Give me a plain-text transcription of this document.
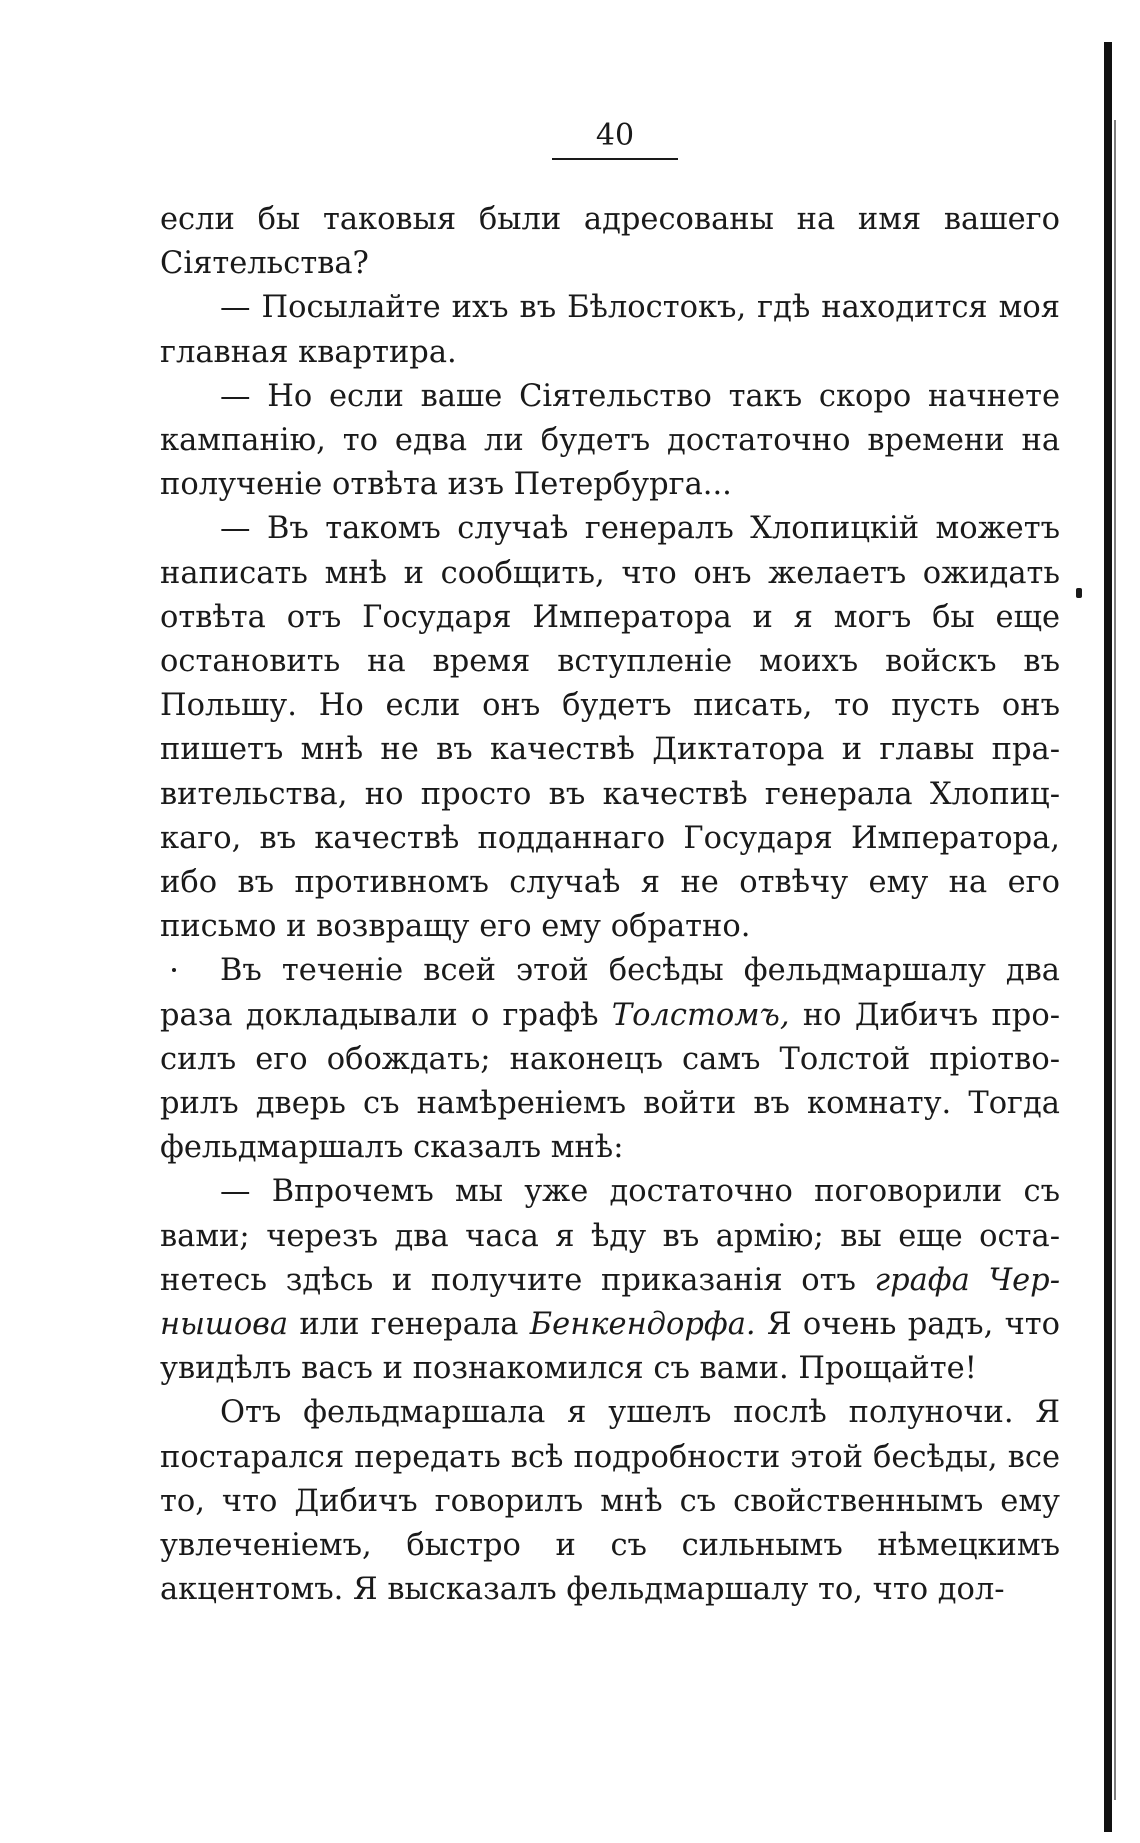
40

если бы таковыя были адресованы на имя вашего Сіятельства?

— Посылайте ихъ въ Бѣлостокъ, гдѣ находится моя главная квартира.

— Но если ваше Сіятельство такъ скоро начнете кампанію, то едва ли будетъ достаточно времени на полученіе отвѣта изъ Петербурга...

— Въ такомъ случаѣ генералъ Хлопицкій можетъ написать мнѣ и сообщить, что онъ желаетъ ожидать отвѣта отъ Государя Императора и я могъ бы еще остановить на время вступленіе моихъ войскъ въ Польшу. Но если онъ будетъ писать, то пусть онъ пишетъ мнѣ не въ качествѣ Диктатора и главы правительства, но просто въ качествѣ генерала Хлопицкаго, въ качествѣ подданнаго Государя Императора, ибо въ противномъ случаѣ я не отвѣчу ему на его письмо и возвращу его ему обратно.

Въ теченіе всей этой бесѣды фельдмаршалу два раза докладывали о графѣ Толстомъ, но Дибичъ просилъ его обождать; наконецъ самъ Толстой пріотворилъ дверь съ намѣреніемъ войти въ комнату. Тогда фельдмаршалъ сказалъ мнѣ:

— Впрочемъ мы уже достаточно поговорили съ вами; черезъ два часа я ѣду въ армію; вы еще останетесь здѣсь и получите приказанія отъ графа Чернышова или генерала Бенкендорфа. Я очень радъ, что увидѣлъ васъ и познакомился съ вами. Прощайте!

Отъ фельдмаршала я ушелъ послѣ полуночи. Я постарался передать всѣ подробности этой бесѣды, все то, что Дибичъ говорилъ мнѣ съ свойственнымъ ему увлеченіемъ, быстро и съ сильнымъ нѣмецкимъ акцентомъ. Я высказалъ фельдмаршалу то, что дол-
